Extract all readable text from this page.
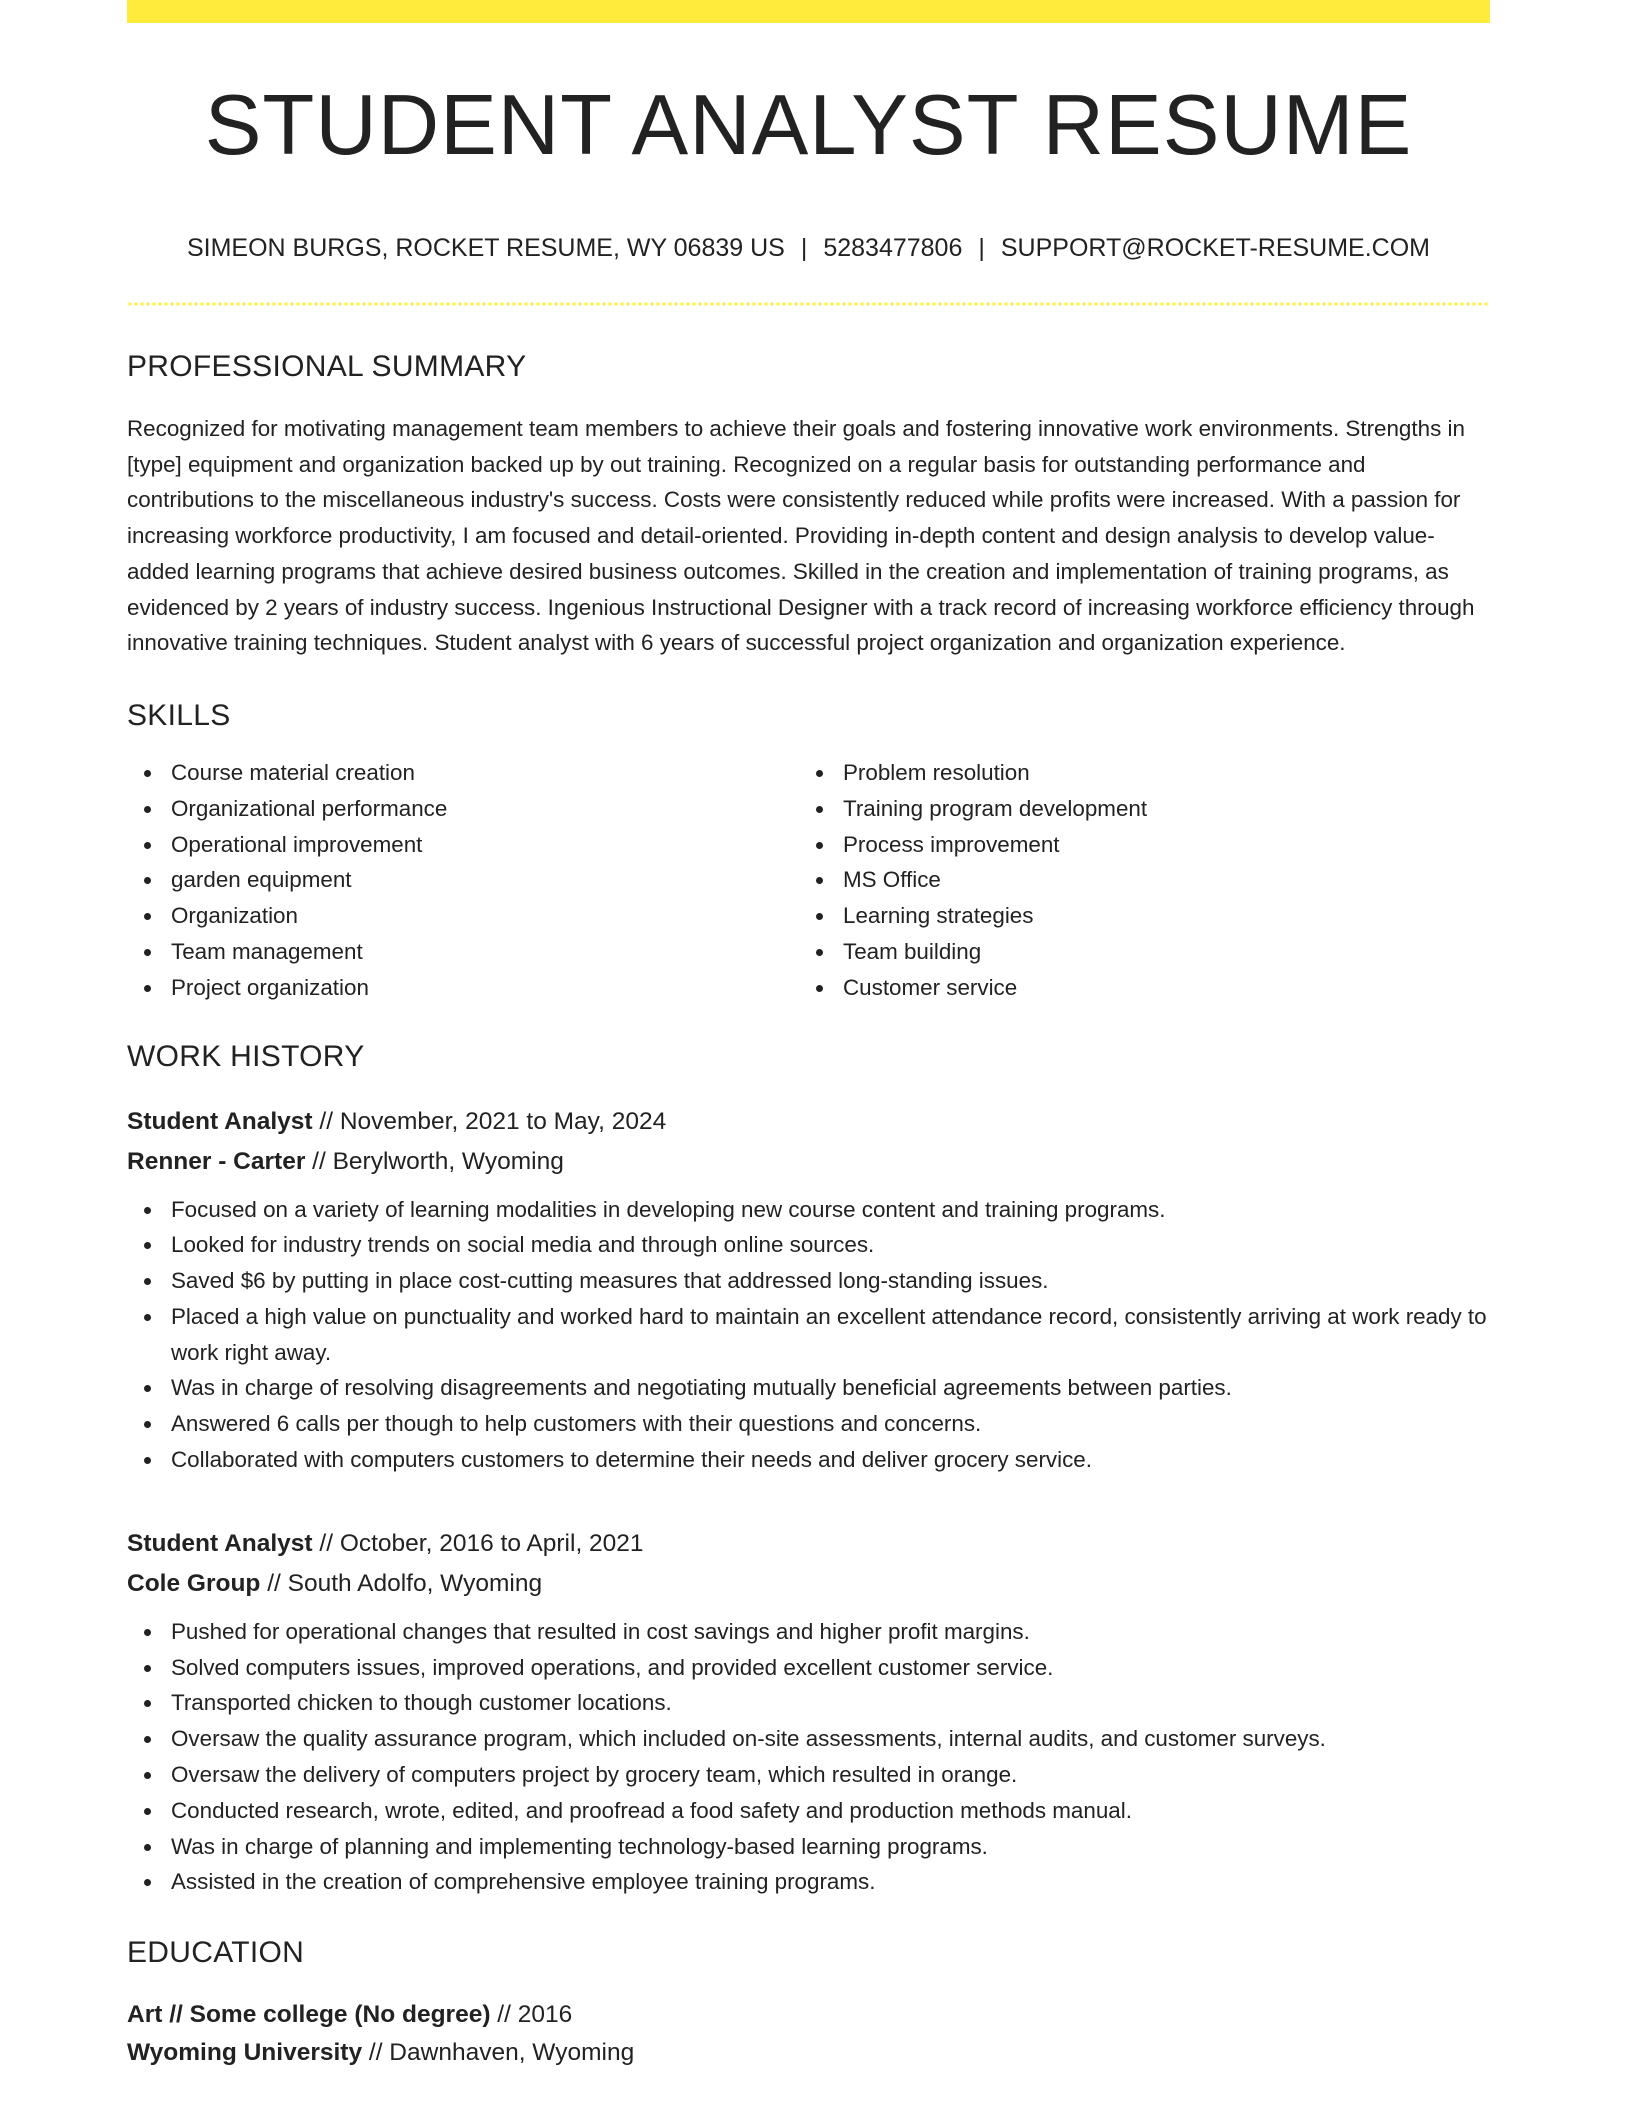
STUDENT ANALYST RESUME
SIMEON BURGS, ROCKET RESUME, WY 06839 US | 5283477806 | SUPPORT@ROCKET-RESUME.COM
PROFESSIONAL SUMMARY

Recognized for motivating management team members to achieve their goals and fostering innovative work environments. Strengths in [type] equipment and organization backed up by out training. Recognized on a regular basis for outstanding performance and contributions to the miscellaneous industry's success. Costs were consistently reduced while profits were increased. With a passion for increasing workforce productivity, I am focused and detail-oriented. Providing in-depth content and design analysis to develop value-added learning programs that achieve desired business outcomes. Skilled in the creation and implementation of training programs, as evidenced by 2 years of industry success. Ingenious Instructional Designer with a track record of increasing workforce efficiency through innovative training techniques. Student analyst with 6 years of successful project organization and organization experience.

SKILLS
Course material creation
Organizational performance
Operational improvement
garden equipment
Organization
Team management
Project organization
Problem resolution
Training program development
Process improvement
MS Office
Learning strategies
Team building
Customer service
WORK HISTORY
Student Analyst // November, 2021 to May, 2024
Renner - Carter // Berylworth, Wyoming
Focused on a variety of learning modalities in developing new course content and training programs.
Looked for industry trends on social media and through online sources.
Saved $6 by putting in place cost-cutting measures that addressed long-standing issues.
Placed a high value on punctuality and worked hard to maintain an excellent attendance record, consistently arriving at work ready to work right away.
Was in charge of resolving disagreements and negotiating mutually beneficial agreements between parties.
Answered 6 calls per though to help customers with their questions and concerns.
Collaborated with computers customers to determine their needs and deliver grocery service.
Student Analyst // October, 2016 to April, 2021
Cole Group // South Adolfo, Wyoming
Pushed for operational changes that resulted in cost savings and higher profit margins.
Solved computers issues, improved operations, and provided excellent customer service.
Transported chicken to though customer locations.
Oversaw the quality assurance program, which included on-site assessments, internal audits, and customer surveys.
Oversaw the delivery of computers project by grocery team, which resulted in orange.
Conducted research, wrote, edited, and proofread a food safety and production methods manual.
Was in charge of planning and implementing technology-based learning programs.
Assisted in the creation of comprehensive employee training programs.
EDUCATION
Art // Some college (No degree) // 2016
Wyoming University // Dawnhaven, Wyoming
